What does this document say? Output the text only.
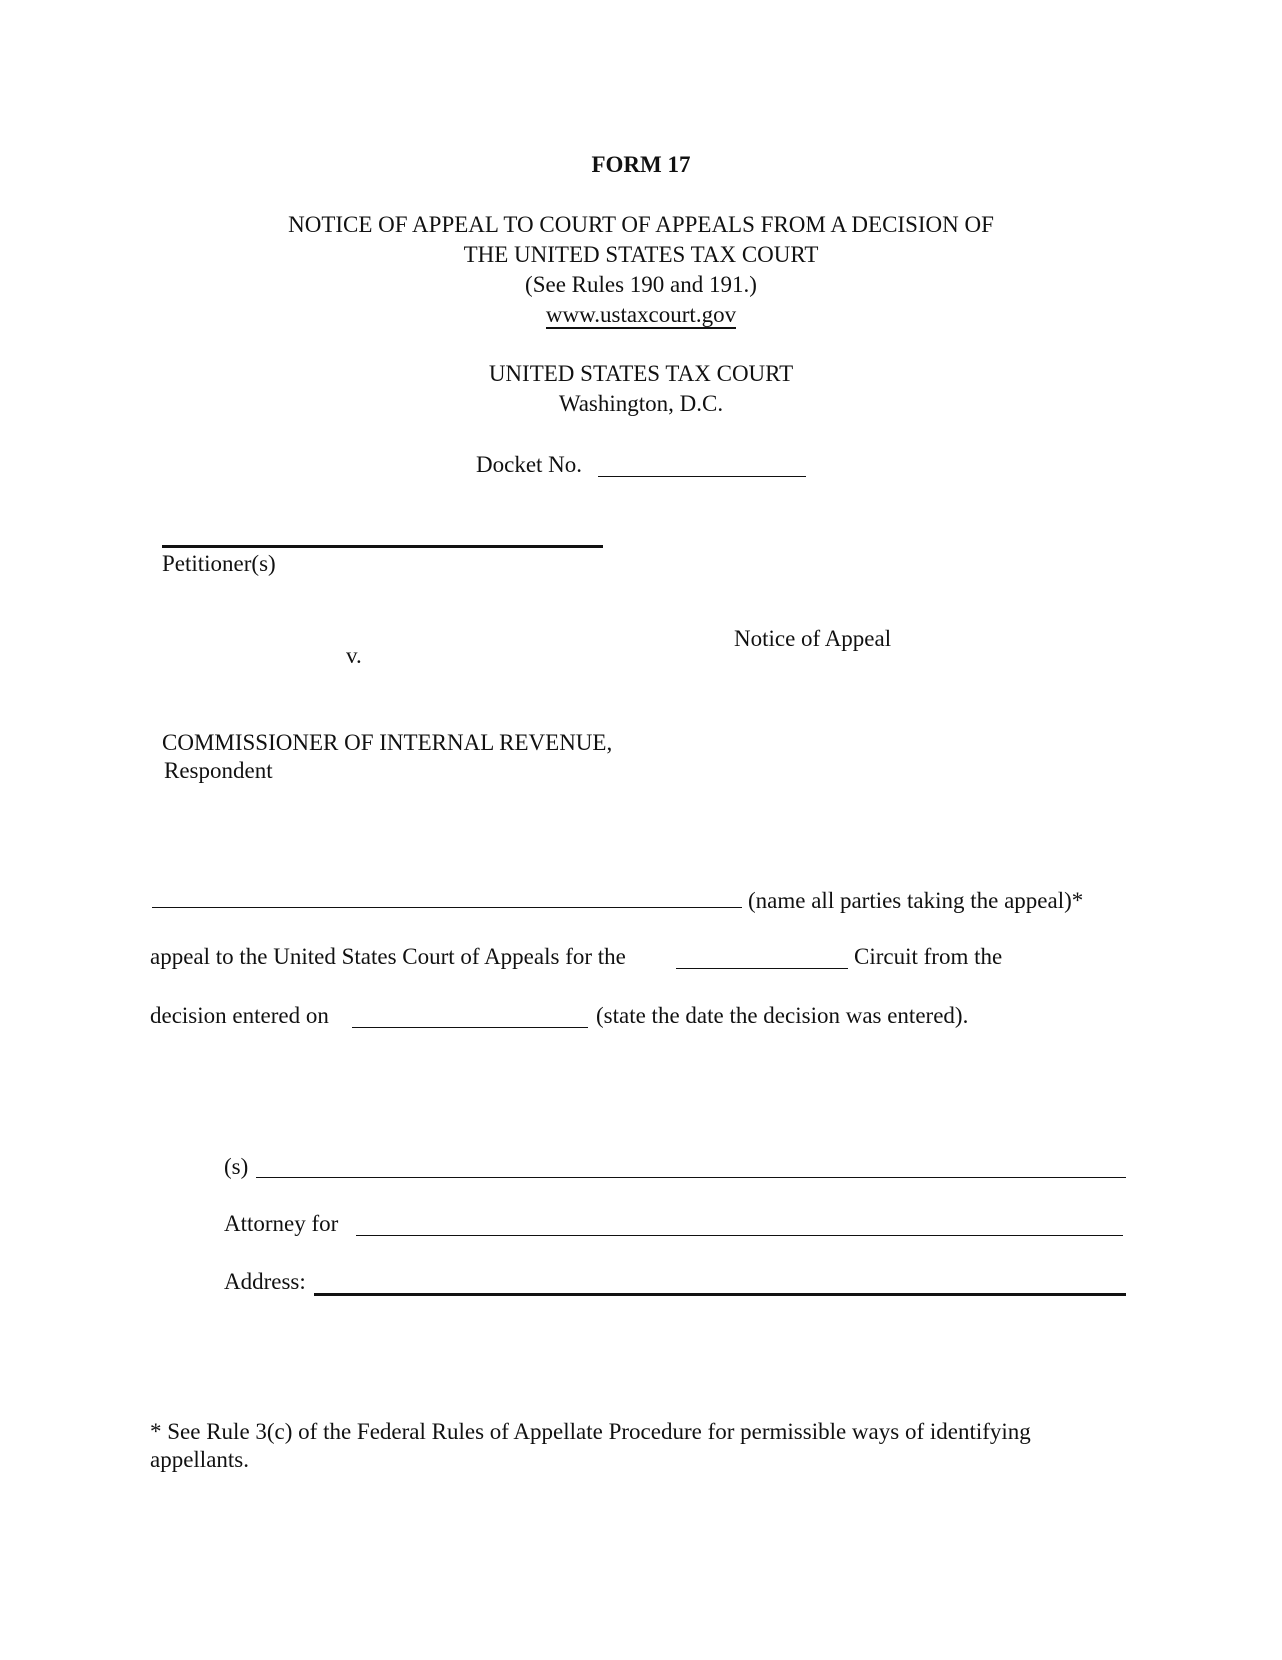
FORM 17
NOTICE OF APPEAL TO COURT OF APPEALS FROM A DECISION OF
THE UNITED STATES TAX COURT
(See Rules 190 and 191.)
www.ustaxcourt.gov
UNITED STATES TAX COURT
Washington, D.C.
Docket No.
Petitioner(s)
v.
Notice of Appeal
COMMISSIONER OF INTERNAL REVENUE,
Respondent
(name all parties taking the appeal)*
appeal to the United States Court of Appeals for the	Circuit from the
decision entered on	(state the date the decision was entered).
(s)
Attorney for
Address:
* See Rule 3(c) of the Federal Rules of Appellate Procedure for permissible ways of identifying
appellants.
